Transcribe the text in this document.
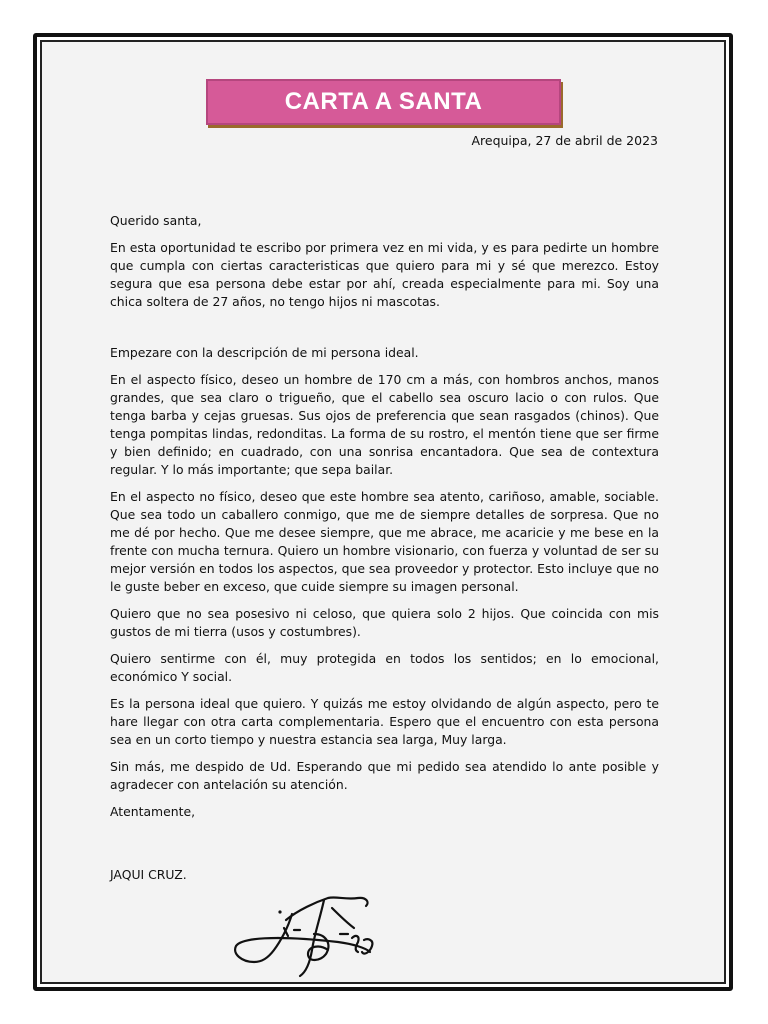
CARTA A SANTA
Arequipa, 27 de abril de 2023

Querido santa,

En esta oportunidad te escribo por primera vez en mi vida, y es para pedirte un hombre que cumpla con ciertas caracteristicas que quiero para mi y sé que merezco. Estoy segura que esa persona debe estar por ahí, creada especialmente para mi. Soy una chica soltera de 27 años, no tengo hijos ni mascotas.

Empezare con la descripción de mi persona ideal.

En el aspecto físico, deseo un hombre de 170 cm a más, con hombros anchos, manos grandes, que sea claro o trigueño, que el cabello sea oscuro lacio o con rulos. Que tenga barba y cejas gruesas. Sus ojos de preferencia que sean rasgados (chinos). Que tenga pompitas lindas, redonditas. La forma de su rostro, el mentón tiene que ser firme y bien definido; en cuadrado, con una sonrisa encantadora. Que sea de contextura regular. Y lo más importante; que sepa bailar.

En el aspecto no físico, deseo que este hombre sea atento, cariñoso, amable, sociable. Que sea todo un caballero conmigo, que me de siempre detalles de sorpresa. Que no me dé por hecho. Que me desee siempre, que me abrace, me acaricie y me bese en la frente con mucha ternura. Quiero un hombre visionario, con fuerza y voluntad de ser su mejor versión en todos los aspectos, que sea proveedor y protector. Esto incluye que no le guste beber en exceso, que cuide siempre su imagen personal.

Quiero que no sea posesivo ni celoso, que quiera solo 2 hijos. Que coincida con mis gustos de mi tierra (usos y costumbres).

Quiero sentirme con él, muy protegida en todos los sentidos; en lo emocional, económico Y social.

Es la persona ideal que quiero. Y quizás me estoy olvidando de algún aspecto, pero te hare llegar con otra carta complementaria. Espero que el encuentro con esta persona sea en un corto tiempo y nuestra estancia sea larga, Muy larga.

Sin más, me despido de Ud. Esperando que mi pedido sea atendido lo ante posible y agradecer con antelación su atención.

Atentamente,

JAQUI CRUZ.
